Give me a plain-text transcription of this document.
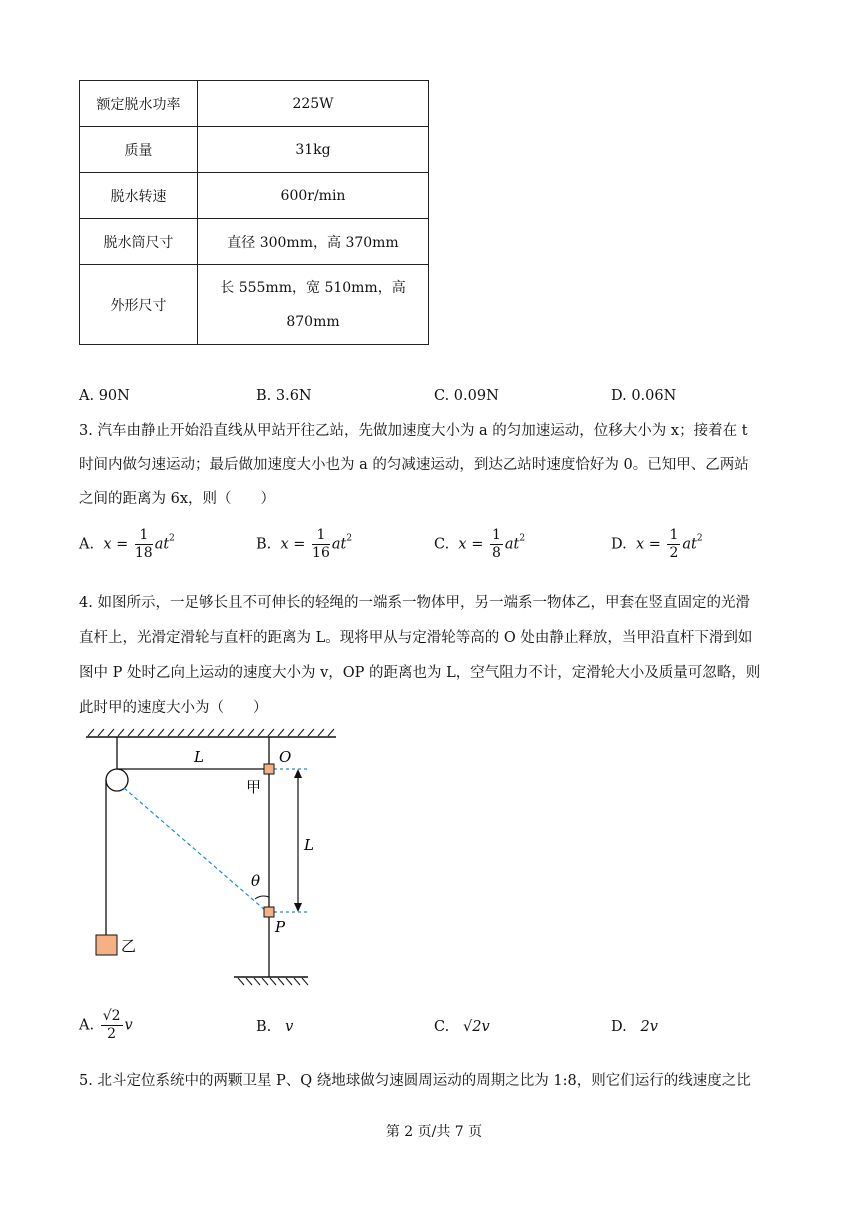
额定脱水功率	225W
质量	31kg
脱水转速	600r/min
脱水筒尺寸	直径 300mm，高 370mm
外形尺寸	长 555mm，宽 510mm，高
870mm
A. 90N	B. 3.6N	C. 0.09N	D. 0.06N
3. 汽车由静止开始沿直线从甲站开往乙站，先做加速度大小为 a 的匀加速运动，位移大小为 x；接着在 t
时间内做匀速运动；最后做加速度大小也为 a 的匀减速运动，到达乙站时速度恰好为 0。已知甲、乙两站
之间的距离为 6x，则（　　）
A. $x = \frac{1}{18} at^2$	B. $x = \frac{1}{16} at^2$	C. $x = \frac{1}{8} at^2$	D. $x = \frac{1}{2} at^2$
4. 如图所示，一足够长且不可伸长的轻绳的一端系一物体甲，另一端系一物体乙，甲套在竖直固定的光滑
直杆上，光滑定滑轮与直杆的距离为 L。现将甲从与定滑轮等高的 O 处由静止释放，当甲沿直杆下滑到如
图中 P 处时乙向上运动的速度大小为 v，OP 的距离也为 L，空气阻力不计，定滑轮大小及质量可忽略，则
此时甲的速度大小为（　　）
L	O
甲
L
θ
P
乙
A. $\frac{√2}{2}$ v	B. v	C. √2v	D. 2v
5. 北斗定位系统中的两颗卫星 P、Q 绕地球做匀速圆周运动的周期之比为 1:8，则它们运行的线速度之比
第 2 页/共 7 页
